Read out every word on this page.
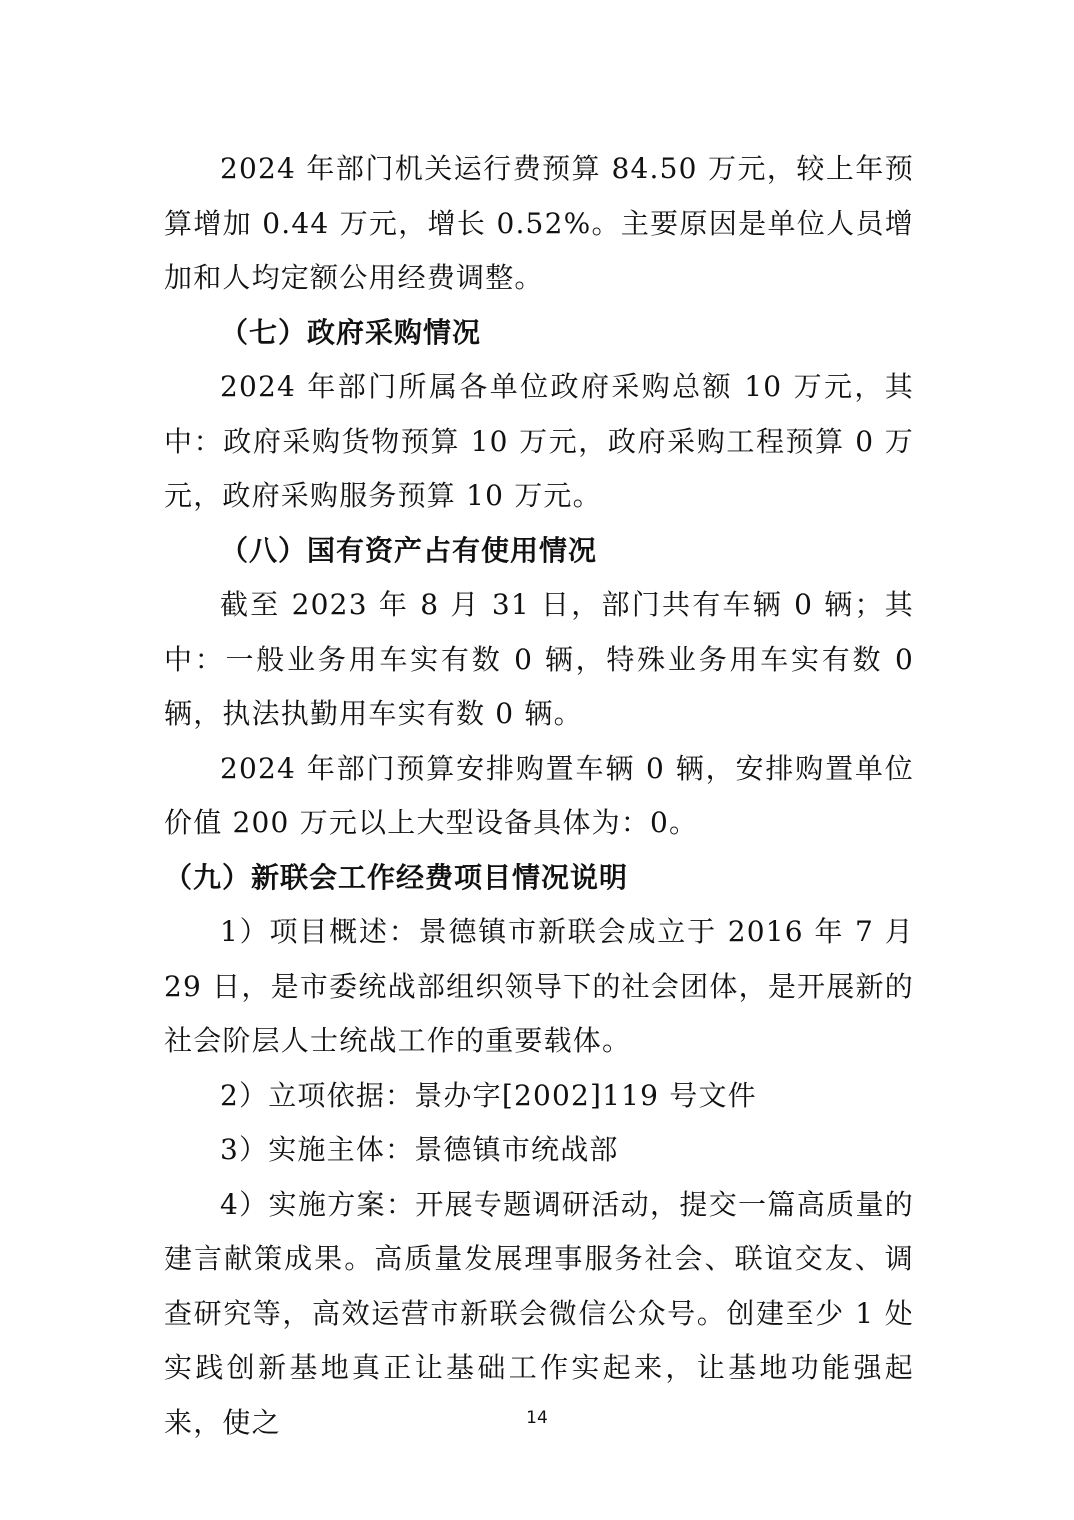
2024 年部门机关运行费预算 84.50 万元，较上年预算增加 0.44 万元，增长 0.52%。主要原因是单位人员增加和人均定额公用经费调整。

（七）政府采购情况

2024 年部门所属各单位政府采购总额 10 万元，其中：政府采购货物预算 10 万元，政府采购工程预算 0 万元，政府采购服务预算 10 万元。

（八）国有资产占有使用情况

截至 2023 年 8 月 31 日，部门共有车辆 0 辆；其中：一般业务用车实有数 0 辆，特殊业务用车实有数 0 辆，执法执勤用车实有数 0 辆。

2024 年部门预算安排购置车辆 0 辆，安排购置单位价值 200 万元以上大型设备具体为：0。

（九）新联会工作经费项目情况说明

1）项目概述：景德镇市新联会成立于 2016 年 7 月 29 日，是市委统战部组织领导下的社会团体，是开展新的社会阶层人士统战工作的重要载体。

2）立项依据：景办字[2002]119 号文件

3）实施主体：景德镇市统战部

4）实施方案：开展专题调研活动，提交一篇高质量的建言献策成果。高质量发展理事服务社会、联谊交友、调查研究等，高效运营市新联会微信公众号。创建至少 1 处实践创新基地真正让基础工作实起来，让基地功能强起来，使之	14
